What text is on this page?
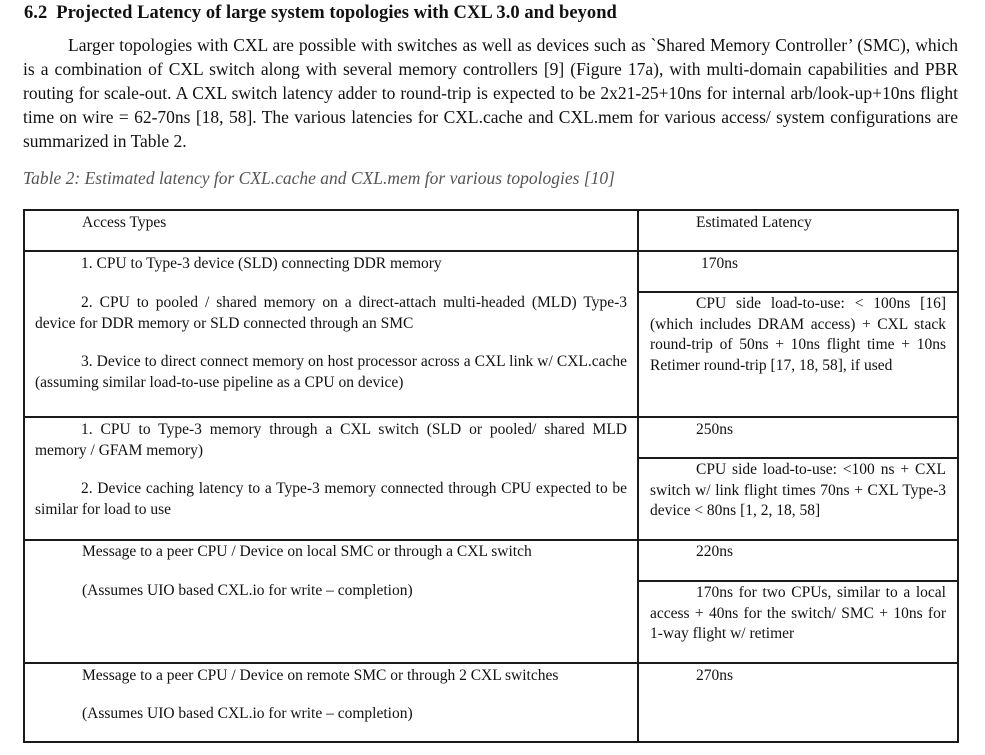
6.2 Projected Latency of large system topologies with CXL 3.0 and beyond

Larger topologies with CXL are possible with switches as well as devices such as `Shared Memory Controller’ (SMC), which is a combination of CXL switch along with several memory controllers [9] (Figure 17a), with multi-domain capabilities and PBR routing for scale-out. A CXL switch latency adder to round-trip is expected to be 2x21-25+10ns for internal arb/look-up+10ns flight time on wire = 62-70ns [18, 58]. The various latencies for CXL.cache and CXL.mem for various access/ system configurations are summarized in Table 2.

Table 2: Estimated latency for CXL.cache and CXL.mem for various topologies [10]

Access Types	Estimated Latency
1. CPU to Type-3 device (SLD) connecting DDR memory
2. CPU to pooled / shared memory on a direct-attach multi-headed (MLD) Type-3 device for DDR memory or SLD connected through an SMC
3. Device to direct connect memory on host processor across a CXL link w/ CXL.cache (assuming similar load-to-use pipeline as a CPU on device)
170ns
CPU side load-to-use: < 100ns [16] (which includes DRAM access) + CXL stack round-trip of 50ns + 10ns flight time + 10ns Retimer round-trip [17, 18, 58], if used
1. CPU to Type-3 memory through a CXL switch (SLD or pooled/ shared MLD memory / GFAM memory)
2. Device caching latency to a Type-3 memory connected through CPU expected to be similar for load to use
250ns
CPU side load-to-use: <100 ns + CXL switch w/ link flight times 70ns + CXL Type-3 device < 80ns [1, 2, 18, 58]
Message to a peer CPU / Device on local SMC or through a CXL switch
(Assumes UIO based CXL.io for write – completion)
220ns
170ns for two CPUs, similar to a local access + 40ns for the switch/ SMC + 10ns for 1-way flight w/ retimer
Message to a peer CPU / Device on remote SMC or through 2 CXL switches
(Assumes UIO based CXL.io for write – completion)
270ns
